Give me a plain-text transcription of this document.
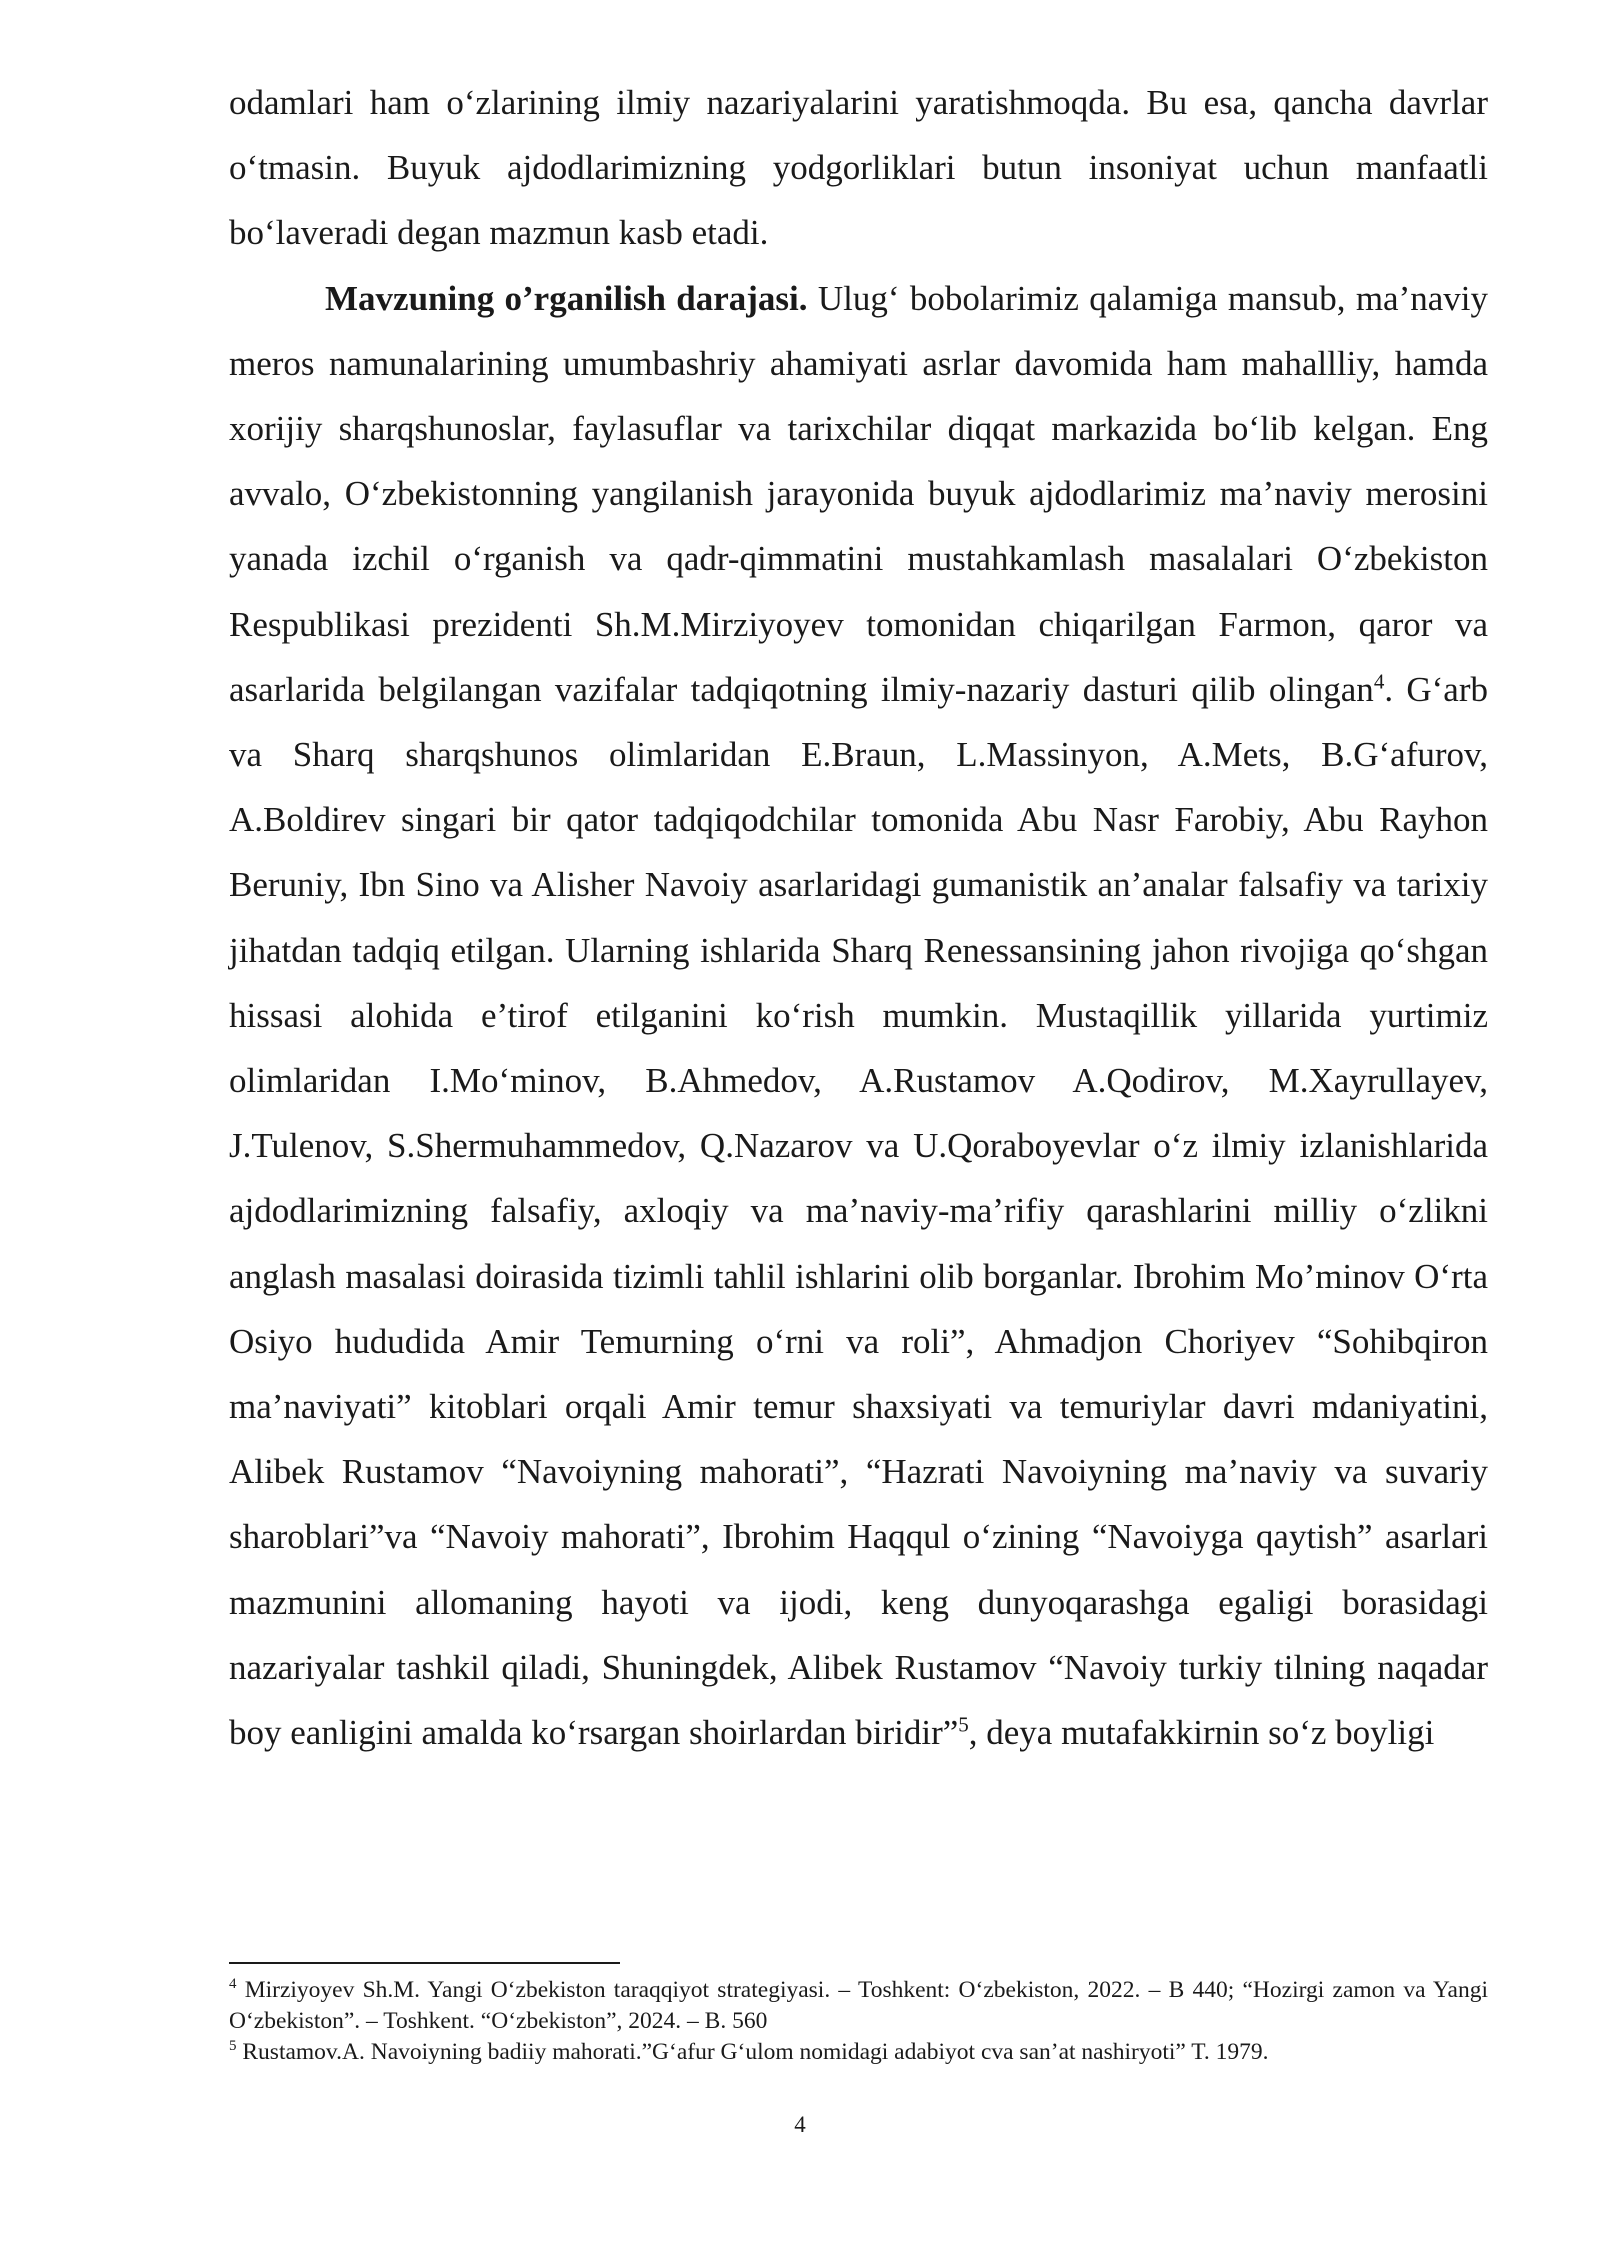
odamlari ham o‘zlarining ilmiy nazariyalarini yaratishmoqda. Bu esa, qancha davrlar o‘tmasin. Buyuk ajdodlarimizning yodgorliklari butun insoniyat uchun manfaatli bo‘laveradi degan mazmun kasb etadi.

Mavzuning o’rganilish darajasi. Ulug‘ bobolarimiz qalamiga mansub, ma’naviy meros namunalarining umumbashriy ahamiyati asrlar davomida ham mahallliy, hamda xorijiy sharqshunoslar, faylasuflar va tarixchilar diqqat markazida bo‘lib kelgan. Eng avvalo, O‘zbekistonning yangilanish jarayonida buyuk ajdodlarimiz ma’naviy merosini yanada izchil o‘rganish va qadr-qimmatini mustahkamlash masalalari O‘zbekiston Respublikasi prezidenti Sh.M.Mirziyoyev tomonidan chiqarilgan Farmon, qaror va asarlarida belgilangan vazifalar tadqiqotning ilmiy-nazariy dasturi qilib olingan$^4$. G‘arb va Sharq sharqshunos olimlaridan E.Braun, L.Massinyon, A.Mets, B.G‘afurov, A.Boldirev singari bir qator tadqiqodchilar tomonida Abu Nasr Farobiy, Abu Rayhon Beruniy, Ibn Sino va Alisher Navoiy asarlaridagi gumanistik an’analar falsafiy va tarixiy jihatdan tadqiq etilgan. Ularning ishlarida Sharq Renessansining jahon rivojiga qo‘shgan hissasi alohida e’tirof etilganini ko‘rish mumkin. Mustaqillik yillarida yurtimiz olimlaridan I.Mo‘minov, B.Ahmedov, A.Rustamov A.Qodirov, M.Xayrullayev, J.Tulenov, S.Shermuhammedov, Q.Nazarov va U.Qoraboyevlar o‘z ilmiy izlanishlarida ajdodlarimizning falsafiy, axloqiy va ma’naviy-ma’rifiy qarashlarini milliy o‘zlikni anglash masalasi doirasida tizimli tahlil ishlarini olib borganlar. Ibrohim Mo’minov O‘rta Osiyo hududida Amir Temurning o‘rni va roli”, Ahmadjon Choriyev “Sohibqiron ma’naviyati” kitoblari orqali Amir temur shaxsiyati va temuriylar davri mdaniyatini, Alibek Rustamov “Navoiyning mahorati”, “Hazrati Navoiyning ma’naviy va suvariy sharoblari”va “Navoiy mahorati”, Ibrohim Haqqul o‘zining “Navoiyga qaytish” asarlari mazmunini allomaning hayoti va ijodi, keng dunyoqarashga egaligi borasidagi nazariyalar tashkil qiladi, Shuningdek, Alibek Rustamov “Navoiy turkiy tilning naqadar boy eanligini amalda ko‘rsargan shoirlardan biridir”$^5$, deya mutafakkirnin so‘z boyligi

$^4$ Mirziyoyev Sh.M. Yangi O‘zbekiston taraqqiyot strategiyasi. – Toshkent: O‘zbekiston, 2022. – B 440; “Hozirgi zamon va Yangi O‘zbekiston”. – Toshkent. “O‘zbekiston”, 2024. – B. 560

$^5$ Rustamov.A. Navoiyning badiiy mahorati.”G‘afur G‘ulom nomidagi adabiyot cva san’at nashiryoti” T. 1979.

4
